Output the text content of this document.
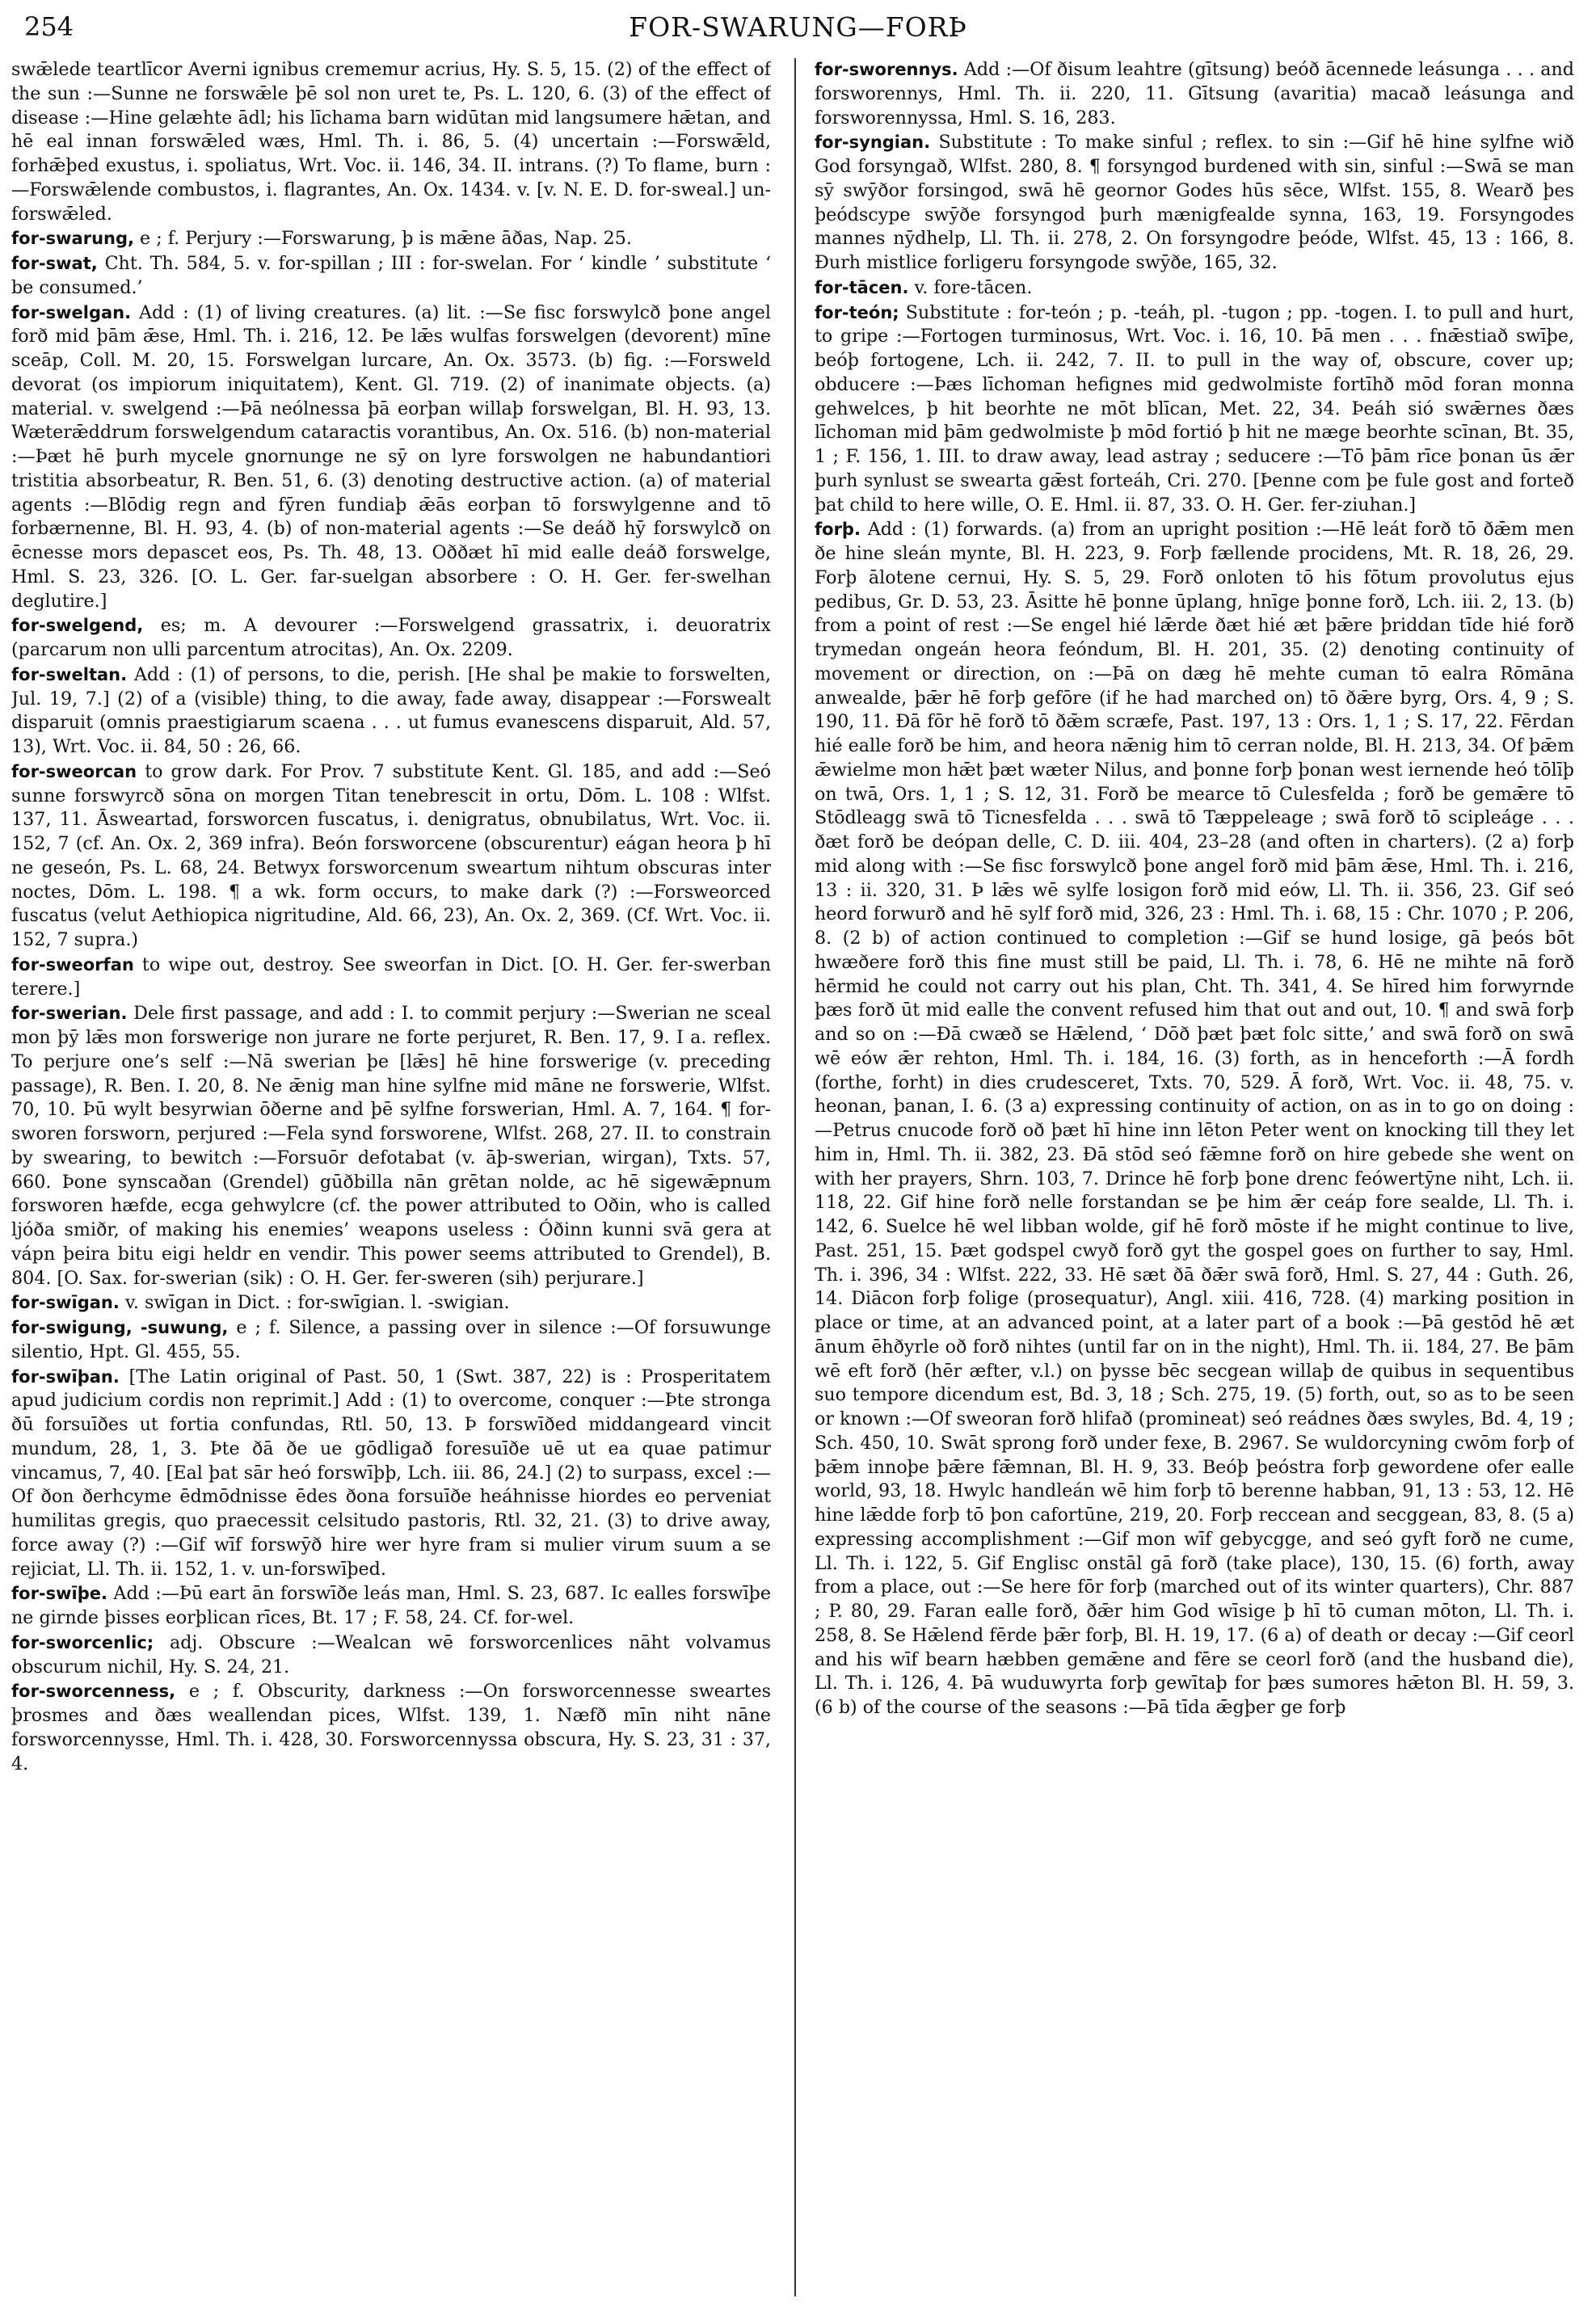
254	FOR-SWARUNG—FORÞ

swǣlede teartlīcor Averni ignibus crememur acrius, Hy. S. 5, 15. (2) of the effect of the sun :—Sunne ne forswǣle þē sol non uret te, Ps. L. 120, 6. (3) of the effect of disease :—Hine gelæhte ādl; his līchama barn widūtan mid langsumere hǣtan, and hē eal innan forswǣled wæs, Hml. Th. i. 86, 5. (4) uncertain :—Forswǣld, forhǣþed exustus, i. spoliatus, Wrt. Voc. ii. 146, 34. II. intrans. (?) To flame, burn :—Forswǣlende combustos, i. flagrantes, An. Ox. 1434. v. [v. N. E. D. for-sweal.] un-forswǣled.

for-swarung, e ; f. Perjury :—Forswarung, þ is mǣne āðas, Nap. 25.

for-swat, Cht. Th. 584, 5. v. for-spillan ; III : for-swelan. For ‘ kindle ’ substitute ‘ be consumed.’

for-swelgan. Add : (1) of living creatures. (a) lit. :—Se fisc forswylcð þone angel forð mid þām ǣse, Hml. Th. i. 216, 12. Þe lǣs wulfas forswelgen (devorent) mīne sceāp, Coll. M. 20, 15. Forswelgan lurcare, An. Ox. 3573. (b) fig. :—Forsweld devorat (os impiorum iniquitatem), Kent. Gl. 719. (2) of inanimate objects. (a) material. v. swelgend :—Þā neólnessa þā eorþan willaþ forswelgan, Bl. H. 93, 13. Wæterǣddrum forswelgendum cataractis vorantibus, An. Ox. 516. (b) non-material :—Þæt hē þurh mycele gnornunge ne sȳ on lyre forswolgen ne habundantiori tristitia absorbeatur, R. Ben. 51, 6. (3) denoting destructive action. (a) of material agents :—Blōdig regn and fȳren fundiaþ ǣās eorþan tō forswylgenne and tō forbærnenne, Bl. H. 93, 4. (b) of non-material agents :—Se deáð hȳ forswylcð on ēcnesse mors depascet eos, Ps. Th. 48, 13. Oððæt hī mid ealle deáð forswelge, Hml. S. 23, 326. [O. L. Ger. far-suelgan absorbere : O. H. Ger. fer-swelhan deglutire.]

for-swelgend, es; m. A devourer :—Forswelgend grassatrix, i. deuoratrix (parcarum non ulli parcentum atrocitas), An. Ox. 2209.

for-sweltan. Add : (1) of persons, to die, perish. [He shal þe makie to forswelten, Jul. 19, 7.] (2) of a (visible) thing, to die away, fade away, disappear :—Forswealt disparuit (omnis praestigiarum scaena . . . ut fumus evanescens disparuit, Ald. 57, 13), Wrt. Voc. ii. 84, 50 : 26, 66.

for-sweorcan to grow dark. For Prov. 7 substitute Kent. Gl. 185, and add :—Seó sunne forswyrcð sōna on morgen Titan tenebrescit in ortu, Dōm. L. 108 : Wlfst. 137, 11. Āsweartad, forsworcen fuscatus, i. denigratus, obnubilatus, Wrt. Voc. ii. 152, 7 (cf. An. Ox. 2, 369 infra). Beón forsworcene (obscurentur) eágan heora þ hī ne geseón, Ps. L. 68, 24. Betwyx forsworcenum sweartum nihtum obscuras inter noctes, Dōm. L. 198. ¶ a wk. form occurs, to make dark (?) :—Forsweorced fuscatus (velut Aethiopica nigritudine, Ald. 66, 23), An. Ox. 2, 369. (Cf. Wrt. Voc. ii. 152, 7 supra.)

for-sweorfan to wipe out, destroy. See sweorfan in Dict. [O. H. Ger. fer-swerban terere.]

for-swerian. Dele first passage, and add : I. to commit perjury :—Swerian ne sceal mon þȳ lǣs mon forswerige non jurare ne forte perjuret, R. Ben. 17, 9. I a. reflex. To perjure one’s self :—Nā swerian þe [lǣs] hē hine forswerige (v. preceding passage), R. Ben. I. 20, 8. Ne ǣnig man hine sylfne mid māne ne forswerie, Wlfst. 70, 10. Þū wylt besyrwian ōðerne and þē sylfne forswerian, Hml. A. 7, 164. ¶ for-sworen forsworn, perjured :—Fela synd forsworene, Wlfst. 268, 27. II. to constrain by swearing, to bewitch :—Forsuōr defotabat (v. āþ-swerian, wirgan), Txts. 57, 660. Þone synscaðan (Grendel) gūðbilla nān grētan nolde, ac hē sigewǣpnum forsworen hæfde, ecga gehwylcre (cf. the power attributed to Oðin, who is called ljóða smiðr, of making his enemies’ weapons useless : Óðinn kunni svā gera at vápn þeira bitu eigi heldr en vendir. This power seems attributed to Grendel), B. 804. [O. Sax. for-swerian (sik) : O. H. Ger. fer-sweren (sih) perjurare.]

for-swīgan. v. swīgan in Dict. : for-swīgian. l. -swigian.

for-swigung, -suwung, e ; f. Silence, a passing over in silence :—Of forsuwunge silentio, Hpt. Gl. 455, 55.

for-swīþan. [The Latin original of Past. 50, 1 (Swt. 387, 22) is : Prosperitatem apud judicium cordis non reprimit.] Add : (1) to overcome, conquer :—Þte stronga ðū forsuīðes ut fortia confundas, Rtl. 50, 13. Þ forswīðed middangeard vincit mundum, 28, 1, 3. Þte ðā ðe ue gōdligað foresuīðe uē ut ea quae patimur vincamus, 7, 40. [Eal þat sār heó forswīþþ, Lch. iii. 86, 24.] (2) to surpass, excel :—Of ðon ðerhcyme ēdmōdnisse ēdes ðona forsuīðe heáhnisse hiordes eo perveniat humilitas gregis, quo praecessit celsitudo pastoris, Rtl. 32, 21. (3) to drive away, force away (?) :—Gif wīf forswȳð hire wer hyre fram si mulier virum suum a se rejiciat, Ll. Th. ii. 152, 1. v. un-forswīþed.

for-swīþe. Add :—Þū eart ān forswīðe leás man, Hml. S. 23, 687. Ic ealles forswīþe ne girnde þisses eorþlican rīces, Bt. 17 ; F. 58, 24. Cf. for-wel.

for-sworcenlic; adj. Obscure :—Wealcan wē forsworcenlices nāht volvamus obscurum nichil, Hy. S. 24, 21.

for-sworcenness, e ; f. Obscurity, darkness :—On forsworcennesse sweartes þrosmes and ðæs weallendan pices, Wlfst. 139, 1. Næfð mīn niht nāne forsworcennysse, Hml. Th. i. 428, 30. Forsworcennyssa obscura, Hy. S. 23, 31 : 37, 4.

for-sworennys. Add :—Of ðisum leahtre (gītsung) beóð ācennede leásunga . . . and forsworennys, Hml. Th. ii. 220, 11. Gītsung (avaritia) macað leásunga and forsworennyssa, Hml. S. 16, 283.

for-syngian. Substitute : To make sinful ; reflex. to sin :—Gif hē hine sylfne wið God forsyngað, Wlfst. 280, 8. ¶ forsyngod burdened with sin, sinful :—Swā se man sȳ swȳðor forsingod, swā hē geornor Godes hūs sēce, Wlfst. 155, 8. Wearð þes þeódscype swȳðe forsyngod þurh mænigfealde synna, 163, 19. Forsyngodes mannes nȳdhelp, Ll. Th. ii. 278, 2. On forsyngodre þeóde, Wlfst. 45, 13 : 166, 8. Ðurh mistlice forligeru forsyngode swȳðe, 165, 32.

for-tācen. v. fore-tācen.

for-teón; Substitute : for-teón ; p. -teáh, pl. -tugon ; pp. -togen. I. to pull and hurt, to gripe :—Fortogen turminosus, Wrt. Voc. i. 16, 10. Þā men . . . fnǣstiað swīþe, beóþ fortogene, Lch. ii. 242, 7. II. to pull in the way of, obscure, cover up; obducere :—Þæs līchoman hefignes mid gedwolmiste fortīhð mōd foran monna gehwelces, þ hit beorhte ne mōt blīcan, Met. 22, 34. Þeáh sió swǣrnes ðæs līchoman mid þām gedwolmiste þ mōd fortió þ hit ne mæge beorhte scīnan, Bt. 35, 1 ; F. 156, 1. III. to draw away, lead astray ; seducere :—Tō þām rīce þonan ūs ǣr þurh synlust se swearta gǣst forteáh, Cri. 270. [Þenne com þe fule gost and forteð þat child to here wille, O. E. Hml. ii. 87, 33. O. H. Ger. fer-ziuhan.]

forþ. Add : (1) forwards. (a) from an upright position :—Hē leát forð tō ðǣm men ðe hine sleán mynte, Bl. H. 223, 9. Forþ fællende procidens, Mt. R. 18, 26, 29. Forþ ālotene cernui, Hy. S. 5, 29. Forð onloten tō his fōtum provolutus ejus pedibus, Gr. D. 53, 23. Āsitte hē þonne ūplang, hnīge þonne forð, Lch. iii. 2, 13. (b) from a point of rest :—Se engel hié lǣrde ðæt hié æt þǣre þriddan tīde hié forð trymedan ongeán heora feóndum, Bl. H. 201, 35. (2) denoting continuity of movement or direction, on :—Þā on dæg hē mehte cuman tō ealra Rōmāna anwealde, þǣr hē forþ gefōre (if he had marched on) tō ðǣre byrg, Ors. 4, 9 ; S. 190, 11. Ðā fōr hē forð tō ðǣm scræfe, Past. 197, 13 : Ors. 1, 1 ; S. 17, 22. Fērdan hié ealle forð be him, and heora nǣnig him tō cerran nolde, Bl. H. 213, 34. Of þǣm ǣwielme mon hǣt þæt wæter Nilus, and þonne forþ þonan west iernende heó tōlīþ on twā, Ors. 1, 1 ; S. 12, 31. Forð be mearce tō Culesfelda ; forð be gemǣre tō Stōdleagg swā tō Ticnesfelda . . . swā tō Tæppeleage ; swā forð tō scipleáge . . . ðæt forð be deópan delle, C. D. iii. 404, 23–28 (and often in charters). (2 a) forþ mid along with :—Se fisc forswylcð þone angel forð mid þām ǣse, Hml. Th. i. 216, 13 : ii. 320, 31. Þ lǣs wē sylfe losigon forð mid eów, Ll. Th. ii. 356, 23. Gif seó heord forwurð and hē sylf forð mid, 326, 23 : Hml. Th. i. 68, 15 : Chr. 1070 ; P. 206, 8. (2 b) of action continued to completion :—Gif se hund losige, gā þeós bōt hwæðere forð this fine must still be paid, Ll. Th. i. 78, 6. Hē ne mihte nā forð hērmid he could not carry out his plan, Cht. Th. 341, 4. Se hīred him forwyrnde þæs forð ūt mid ealle the convent refused him that out and out, 10. ¶ and swā forþ and so on :—Ðā cwæð se Hǣlend, ‘ Dōð þæt þæt folc sitte,’ and swā forð on swā wē eów ǣr rehton, Hml. Th. i. 184, 16. (3) forth, as in henceforth :—Ā fordh (forthe, forht) in dies crudesceret, Txts. 70, 529. Ā forð, Wrt. Voc. ii. 48, 75. v. heonan, þanan, I. 6. (3 a) expressing continuity of action, on as in to go on doing :—Petrus cnucode forð oð þæt hī hine inn lēton Peter went on knocking till they let him in, Hml. Th. ii. 382, 23. Ðā stōd seó fǣmne forð on hire gebede she went on with her prayers, Shrn. 103, 7. Drince hē forþ þone drenc feówertȳne niht, Lch. ii. 118, 22. Gif hine forð nelle forstandan se þe him ǣr ceáp fore sealde, Ll. Th. i. 142, 6. Suelce hē wel libban wolde, gif hē forð mōste if he might continue to live, Past. 251, 15. Þæt godspel cwyð forð gyt the gospel goes on further to say, Hml. Th. i. 396, 34 : Wlfst. 222, 33. Hē sæt ðā ðǣr swā forð, Hml. S. 27, 44 : Guth. 26, 14. Diācon forþ folige (prosequatur), Angl. xiii. 416, 728. (4) marking position in place or time, at an advanced point, at a later part of a book :—Þā gestōd hē æt ānum ēhðyrle oð forð nihtes (until far on in the night), Hml. Th. ii. 184, 27. Be þām wē eft forð (hēr æfter, v.l.) on þysse bēc secgean willaþ de quibus in sequentibus suo tempore dicendum est, Bd. 3, 18 ; Sch. 275, 19. (5) forth, out, so as to be seen or known :—Of sweoran forð hlifað (promineat) seó reádnes ðæs swyles, Bd. 4, 19 ; Sch. 450, 10. Swāt sprong forð under fexe, B. 2967. Se wuldorcyning cwōm forþ of þǣm innoþe þǣre fǣmnan, Bl. H. 9, 33. Beóþ þeóstra forþ gewordene ofer ealle world, 93, 18. Hwylc handleán wē him forþ tō berenne habban, 91, 13 : 53, 12. Hē hine lǣdde forþ tō þon cafortūne, 219, 20. Forþ reccean and secggean, 83, 8. (5 a) expressing accomplishment :—Gif mon wīf gebycgge, and seó gyft forð ne cume, Ll. Th. i. 122, 5. Gif Englisc onstāl gā forð (take place), 130, 15. (6) forth, away from a place, out :—Se here fōr forþ (marched out of its winter quarters), Chr. 887 ; P. 80, 29. Faran ealle forð, ðǣr him God wīsige þ hī tō cuman mōton, Ll. Th. i. 258, 8. Se Hǣlend fērde þǣr forþ, Bl. H. 19, 17. (6 a) of death or decay :—Gif ceorl and his wīf bearn hæbben gemǣne and fēre se ceorl forð (and the husband die), Ll. Th. i. 126, 4. Þā wuduwyrta forþ gewītaþ for þæs sumores hǣton Bl. H. 59, 3. (6 b) of the course of the seasons :—Þā tīda ǣgþer ge forþ
